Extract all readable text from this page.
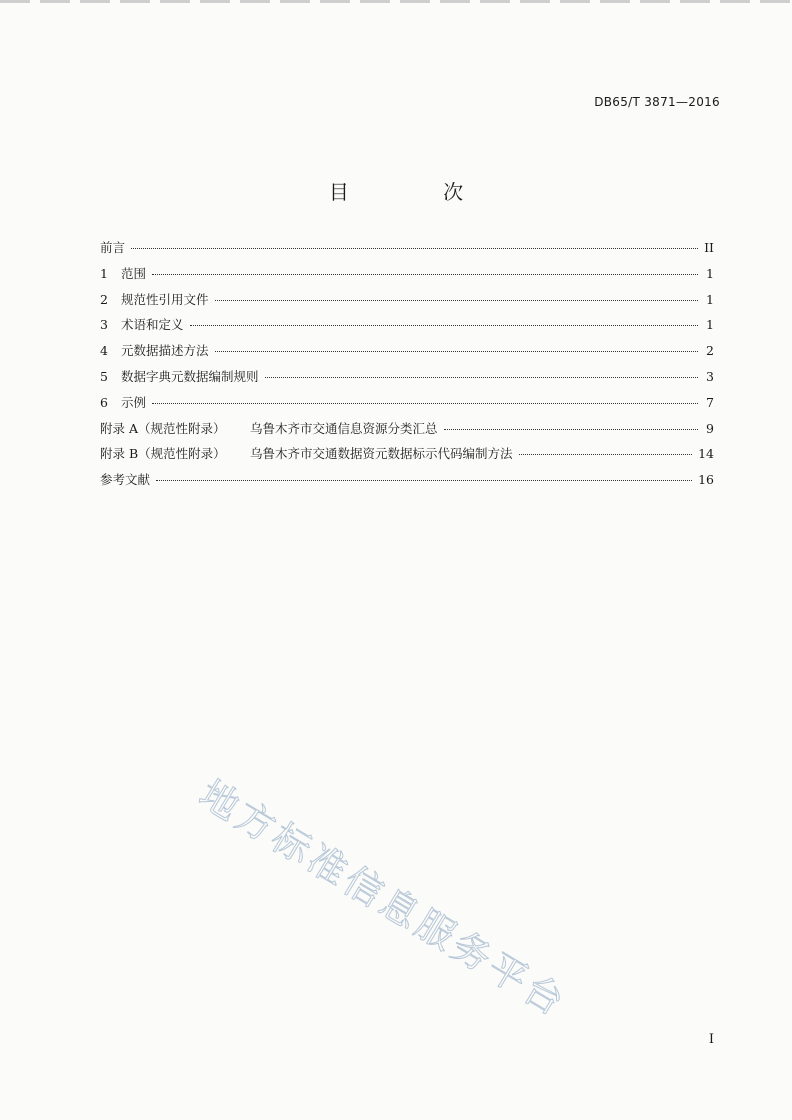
DB65/T 3871—2016
目 次
前言	II
1 范围	1
2 规范性引用文件	1
3 术语和定义	1
4 元数据描述方法	2
5 数据字典元数据编制规则	3
6 示例	7
附录 A（规范性附录） 乌鲁木齐市交通信息资源分类汇总	9
附录 B（规范性附录） 乌鲁木齐市交通数据资元数据标示代码编制方法	14
参考文献	16
地方标准信息服务平台
I
